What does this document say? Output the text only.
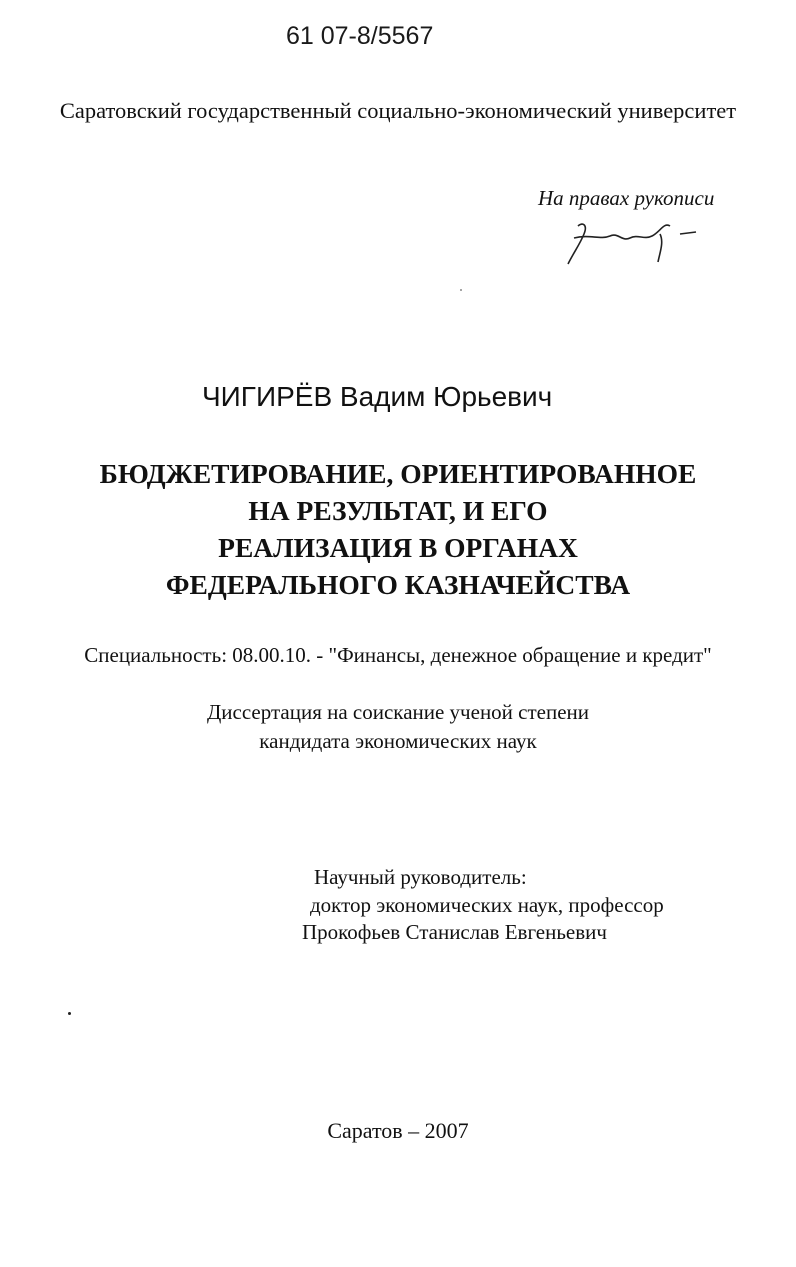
61 07-8/5567
Саратовский государственный социально-экономический университет
На правах рукописи
ЧИГИРЁВ Вадим Юрьевич
БЮДЖЕТИРОВАНИЕ, ОРИЕНТИРОВАННОЕ
НА РЕЗУЛЬТАТ, И ЕГО
РЕАЛИЗАЦИЯ В ОРГАНАХ
ФЕДЕРАЛЬНОГО КАЗНАЧЕЙСТВА
Специальность: 08.00.10. - "Финансы, денежное обращение и кредит"
Диссертация на соискание ученой степени
кандидата экономических наук
Научный руководитель:
доктор экономических наук, профессор
Прокофьев Станислав Евгеньевич
Саратов – 2007
